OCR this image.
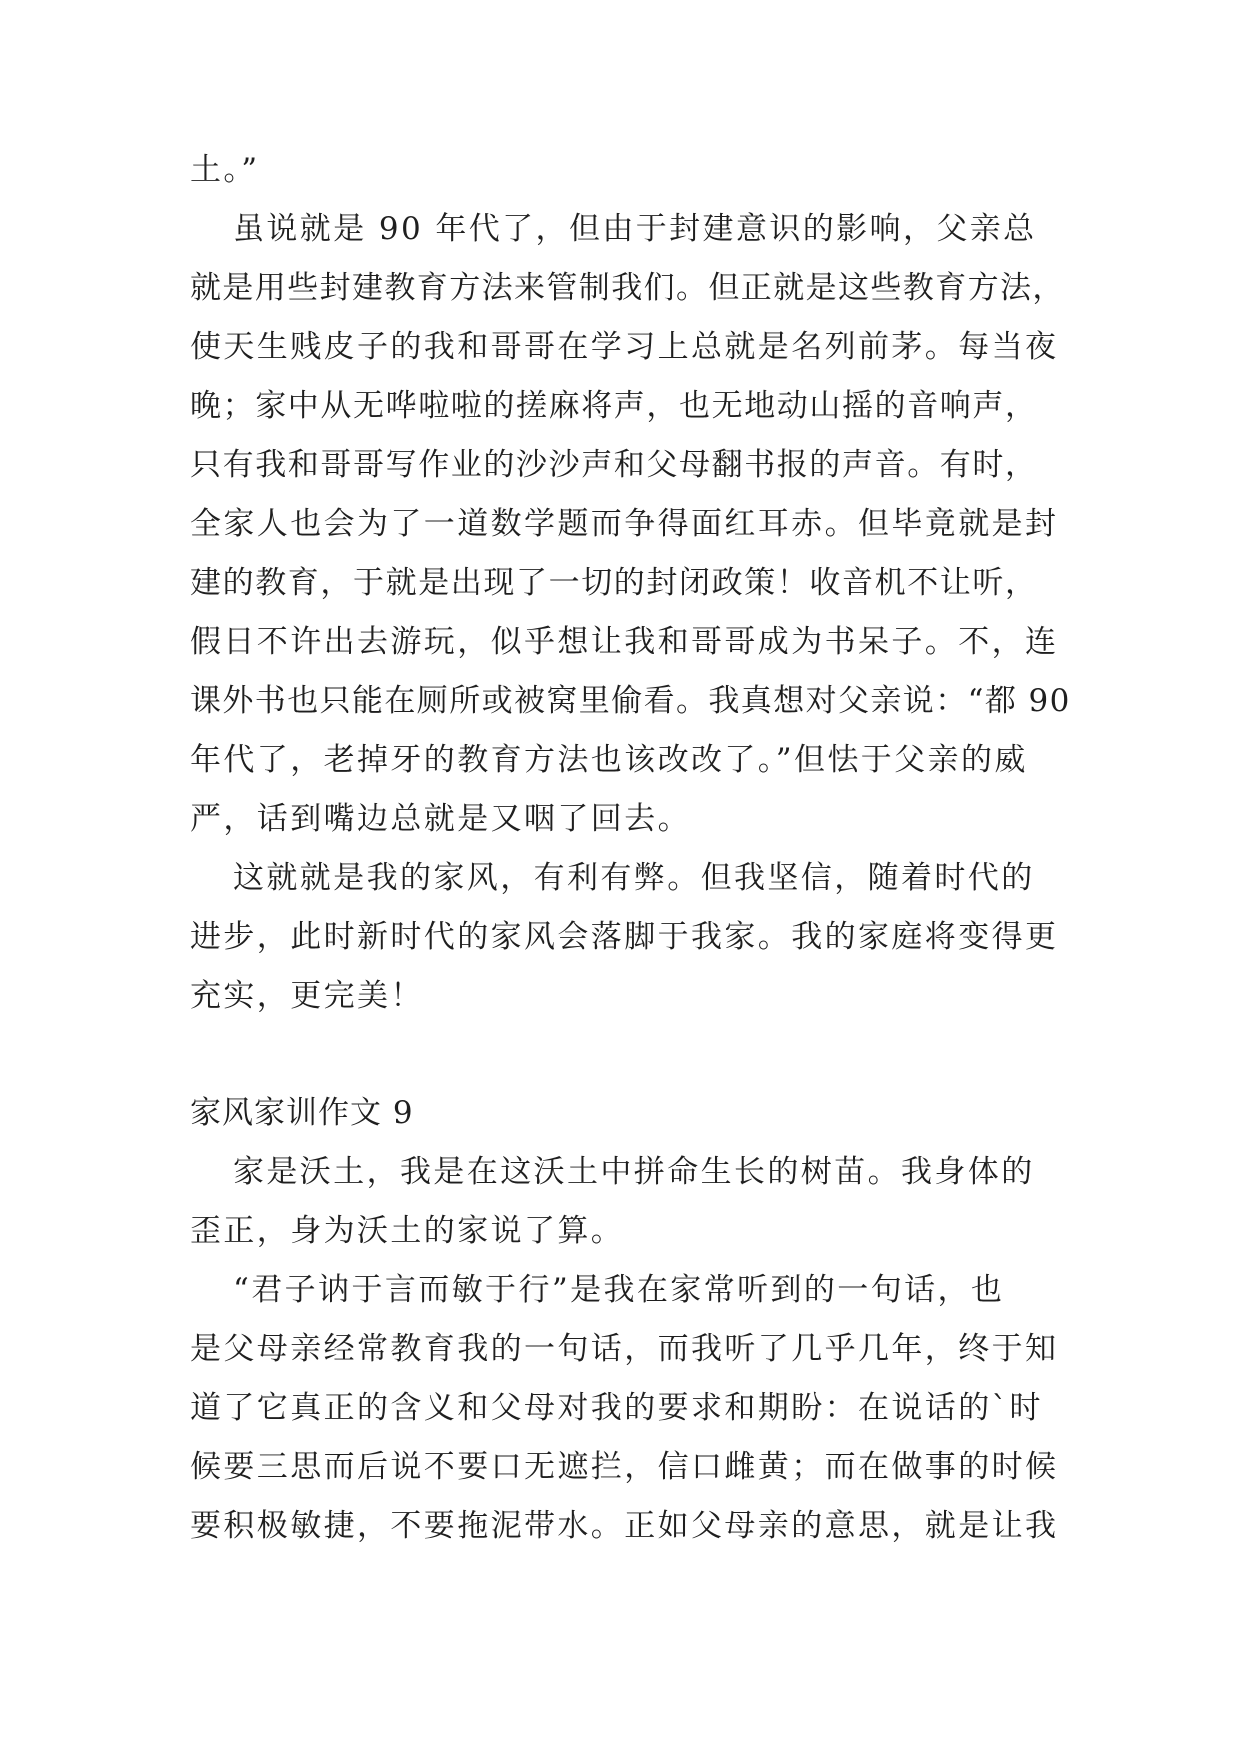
土。”
虽说就是 90 年代了，但由于封建意识的影响，父亲总
就是用些封建教育方法来管制我们。但正就是这些教育方法，
使天生贱皮子的我和哥哥在学习上总就是名列前茅。每当夜
晚；家中从无哗啦啦的搓麻将声，也无地动山摇的音响声，
只有我和哥哥写作业的沙沙声和父母翻书报的声音。有时，
全家人也会为了一道数学题而争得面红耳赤。但毕竟就是封
建的教育，于就是出现了一切的封闭政策！收音机不让听，
假日不许出去游玩，似乎想让我和哥哥成为书呆子。不，连
课外书也只能在厕所或被窝里偷看。我真想对父亲说：“都 90
年代了，老掉牙的教育方法也该改改了。”但怯于父亲的威
严，话到嘴边总就是又咽了回去。
这就就是我的家风，有利有弊。但我坚信，随着时代的
进步，此时新时代的家风会落脚于我家。我的家庭将变得更
充实，更完美！
家风家训作文 9
家是沃土，我是在这沃土中拼命生长的树苗。我身体的
歪正，身为沃土的家说了算。
“君子讷于言而敏于行”是我在家常听到的一句话，也
是父母亲经常教育我的一句话，而我听了几乎几年，终于知
道了它真正的含义和父母对我的要求和期盼：在说话的`时
候要三思而后说不要口无遮拦，信口雌黄；而在做事的时候
要积极敏捷，不要拖泥带水。正如父母亲的意思，就是让我
